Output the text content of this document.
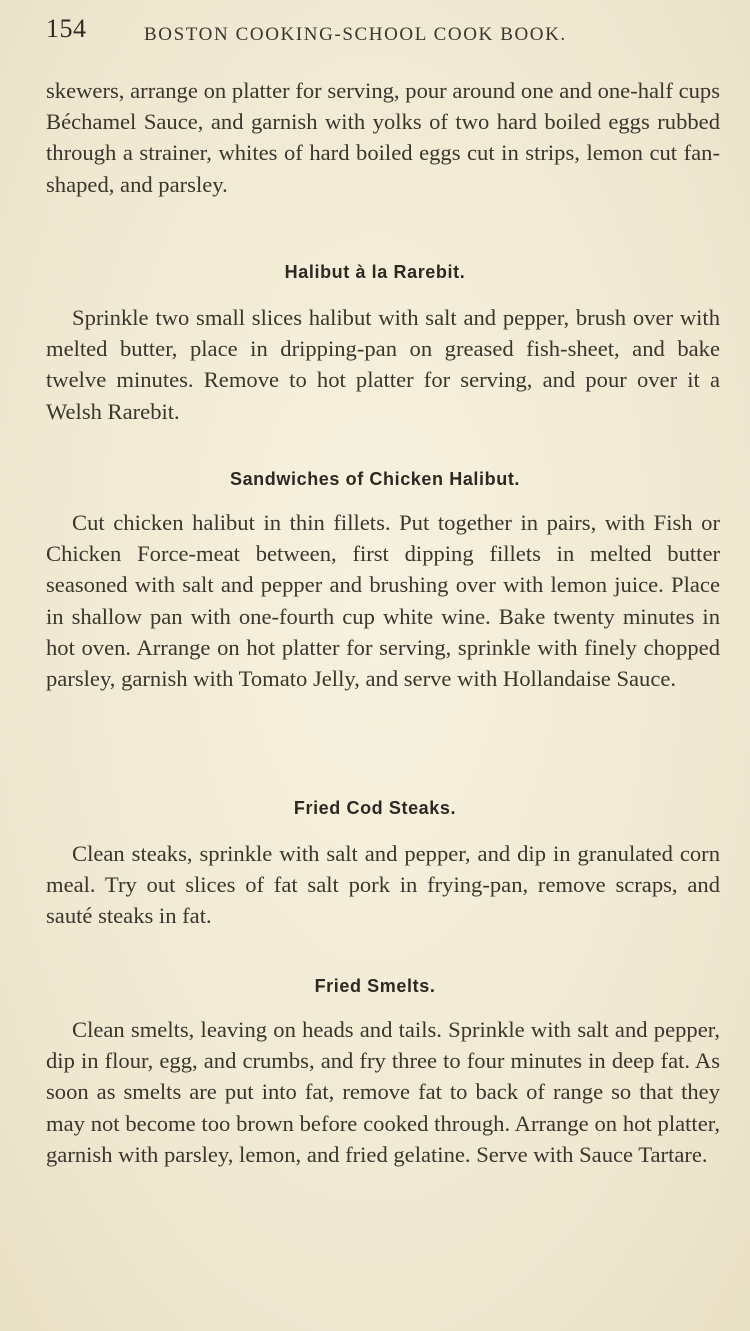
154	BOSTON COOKING-SCHOOL COOK BOOK.

skewers, arrange on platter for serving, pour around one and one-half cups Béchamel Sauce, and garnish with yolks of two hard boiled eggs rubbed through a strainer, whites of hard boiled eggs cut in strips, lemon cut fan-shaped, and parsley.

Halibut à la Rarebit.

Sprinkle two small slices halibut with salt and pepper, brush over with melted butter, place in dripping-pan on greased fish-sheet, and bake twelve minutes. Remove to hot platter for serving, and pour over it a Welsh Rarebit.

Sandwiches of Chicken Halibut.

Cut chicken halibut in thin fillets. Put together in pairs, with Fish or Chicken Force-meat between, first dipping fillets in melted butter seasoned with salt and pepper and brushing over with lemon juice. Place in shallow pan with one-fourth cup white wine. Bake twenty minutes in hot oven. Arrange on hot platter for serving, sprinkle with finely chopped parsley, garnish with Tomato Jelly, and serve with Hollandaise Sauce.

Fried Cod Steaks.

Clean steaks, sprinkle with salt and pepper, and dip in granulated corn meal. Try out slices of fat salt pork in frying-pan, remove scraps, and sauté steaks in fat.

Fried Smelts.

Clean smelts, leaving on heads and tails. Sprinkle with salt and pepper, dip in flour, egg, and crumbs, and fry three to four minutes in deep fat. As soon as smelts are put into fat, remove fat to back of range so that they may not become too brown before cooked through. Arrange on hot platter, garnish with parsley, lemon, and fried gelatine. Serve with Sauce Tartare.
